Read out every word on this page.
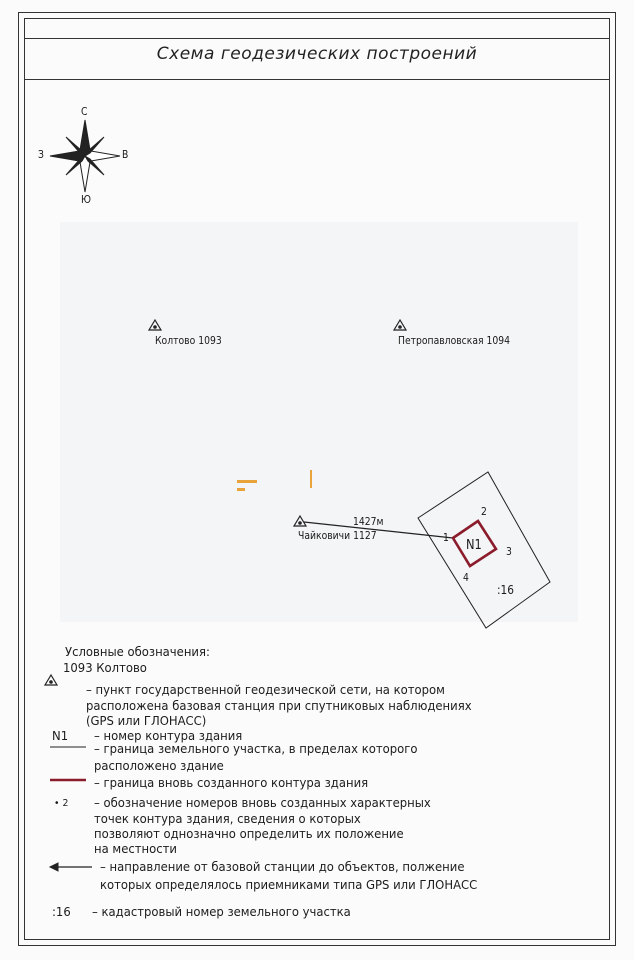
Схема геодезических построений
С
Ю
З	В
Колтово 1093	Петропавловская 1094
Чайковичи 1127
1427м
N1
1
2
3
4
:16
Условные обозначения:
1093 Колтово
– пункт государственной геодезической сети, на котором
расположена базовая станция при спутниковых наблюдениях
(GPS или ГЛОНАСС)
N1 – номер контура здания
– граница земельного участка, в пределах которого
расположено здание
– граница вновь созданного контура здания
• 2 – обозначение номеров вновь созданных характерных
точек контура здания, сведения о которых
позволяют однозначно определить их положение
на местности
– направление от базовой станции до объектов, полжение
которых определялось приемниками типа GPS или ГЛОНАСС
:16 – кадастровый номер земельного участка
